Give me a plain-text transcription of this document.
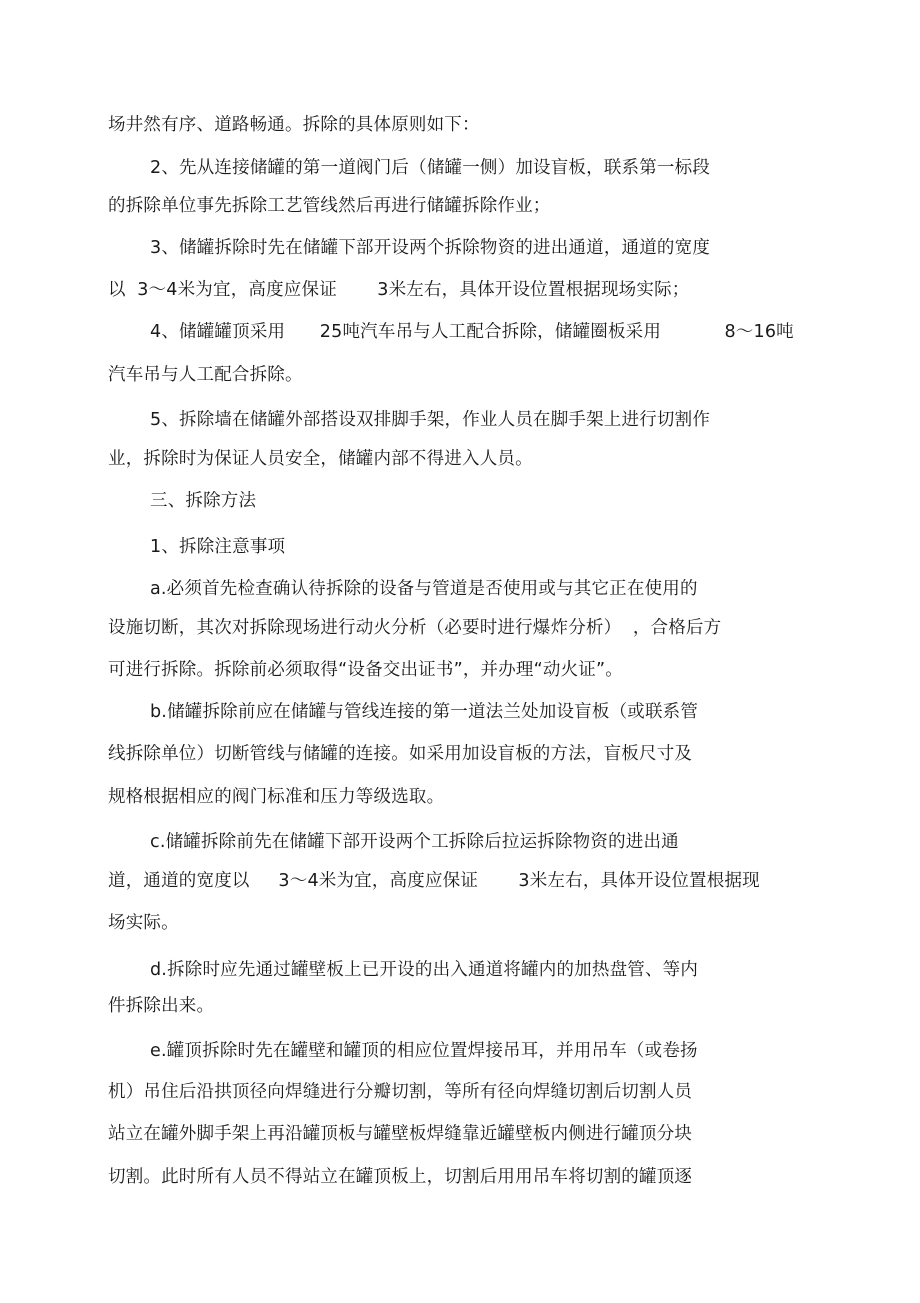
场井然有序、道路畅通。拆除的具体原则如下：
2、先从连接储罐的第一道阀门后（储罐一侧）加设盲板，联系第一标段
的拆除单位事先拆除工艺管线然后再进行储罐拆除作业；
3、储罐拆除时先在储罐下部开设两个拆除物资的进出通道，通道的宽度
以  3～4米为宜，高度应保证       3米左右，具体开设位置根据现场实际；
4、储罐罐顶采用      25吨汽车吊与人工配合拆除，储罐圈板采用           8～16吨
汽车吊与人工配合拆除。
5、拆除墙在储罐外部搭设双排脚手架，作业人员在脚手架上进行切割作
业，拆除时为保证人员安全，储罐内部不得进入人员。
三、拆除方法
1、拆除注意事项
a.必须首先检查确认待拆除的设备与管道是否使用或与其它正在使用的
设施切断，其次对拆除现场进行动火分析（必要时进行爆炸分析）  ，合格后方
可进行拆除。拆除前必须取得“设备交出证书”，并办理“动火证”。
b.储罐拆除前应在储罐与管线连接的第一道法兰处加设盲板（或联系管
线拆除单位）切断管线与储罐的连接。如采用加设盲板的方法，盲板尺寸及
规格根据相应的阀门标准和压力等级选取。
c.储罐拆除前先在储罐下部开设两个工拆除后拉运拆除物资的进出通
道，通道的宽度以     3～4米为宜，高度应保证       3米左右，具体开设位置根据现
场实际。
d.拆除时应先通过罐壁板上已开设的出入通道将罐内的加热盘管、等内
件拆除出来。
e.罐顶拆除时先在罐壁和罐顶的相应位置焊接吊耳，并用吊车（或卷扬
机）吊住后沿拱顶径向焊缝进行分瓣切割，等所有径向焊缝切割后切割人员
站立在罐外脚手架上再沿罐顶板与罐壁板焊缝靠近罐壁板内侧进行罐顶分块
切割。此时所有人员不得站立在罐顶板上，切割后用用吊车将切割的罐顶逐
